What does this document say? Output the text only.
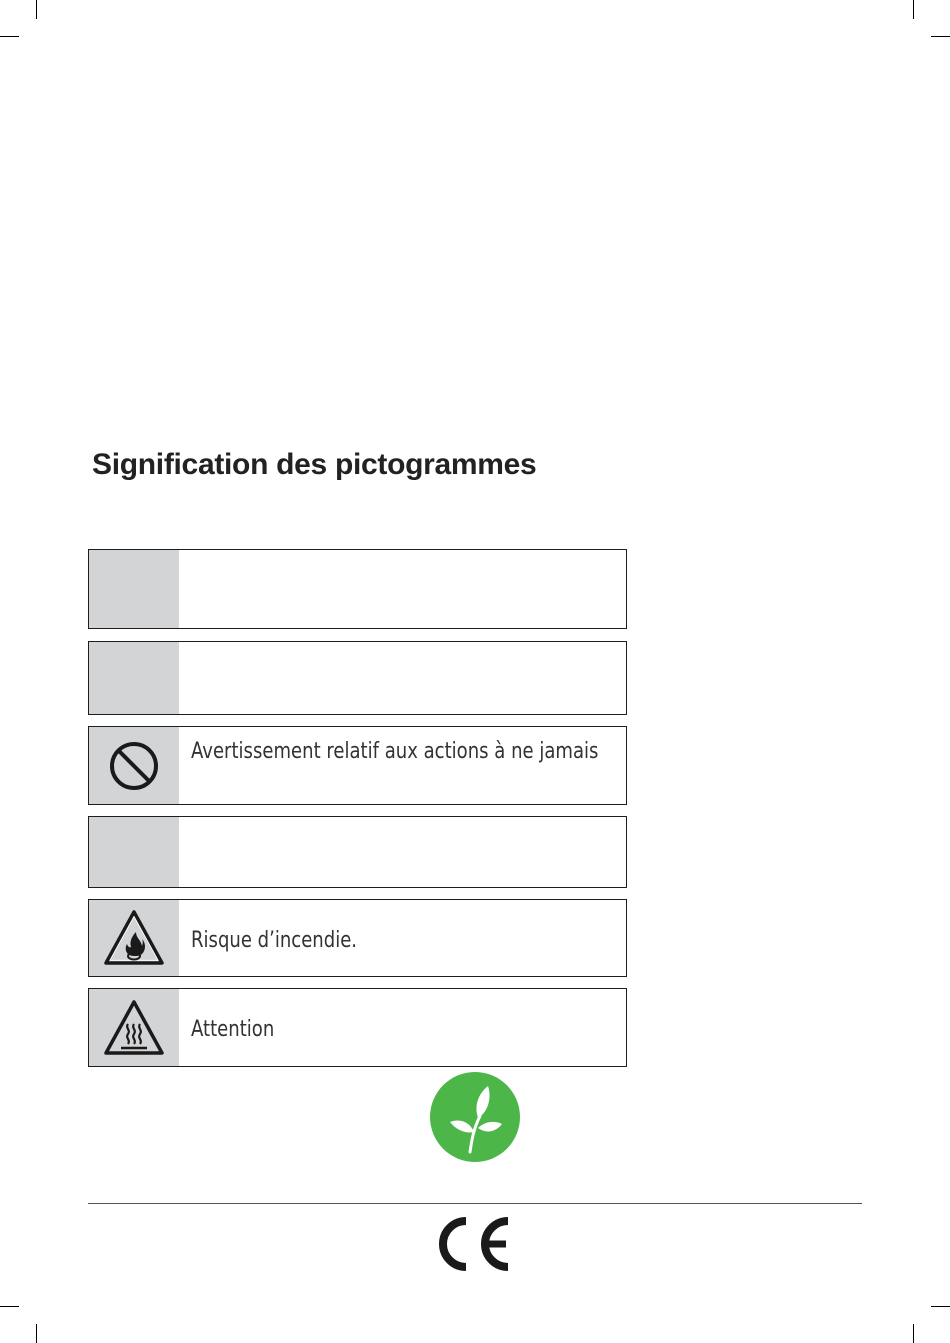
Signification des pictogrammes
Avertissement relatif aux actions à ne jamais
Risque d’incendie.
Attention
